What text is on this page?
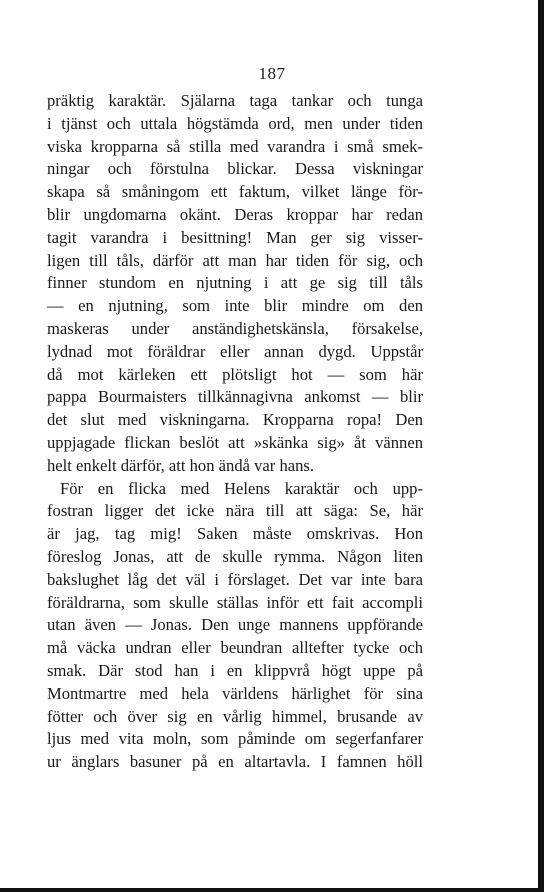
187
präktig karaktär. Själarna taga tankar och tunga
i tjänst och uttala högstämda ord, men under tiden
viska kropparna så stilla med varandra i små smek-
ningar och förstulna blickar. Dessa viskningar
skapa så småningom ett faktum, vilket länge för-
blir ungdomarna okänt. Deras kroppar har redan
tagit varandra i besittning! Man ger sig visser-
ligen till tåls, därför att man har tiden för sig, och
finner stundom en njutning i att ge sig till tåls
— en njutning, som inte blir mindre om den
maskeras under anständighetskänsla, försakelse,
lydnad mot föräldrar eller annan dygd. Uppstår
då mot kärleken ett plötsligt hot — som här
pappa Bourmaisters tillkännagivna ankomst — blir
det slut med viskningarna. Kropparna ropa! Den
uppjagade flickan beslöt att »skänka sig» åt vännen
helt enkelt därför, att hon ändå var hans.
För en flicka med Helens karaktär och upp-
fostran ligger det icke nära till att säga: Se, här
är jag, tag mig! Saken måste omskrivas. Hon
föreslog Jonas, att de skulle rymma. Någon liten
bakslughet låg det väl i förslaget. Det var inte bara
föräldrarna, som skulle ställas inför ett fait accompli
utan även — Jonas. Den unge mannens uppförande
må väcka undran eller beundran alltefter tycke och
smak. Där stod han i en klippvrå högt uppe på
Montmartre med hela världens härlighet för sina
fötter och över sig en vårlig himmel, brusande av
ljus med vita moln, som påminde om segerfanfarer
ur änglars basuner på en altartavla. I famnen höll
